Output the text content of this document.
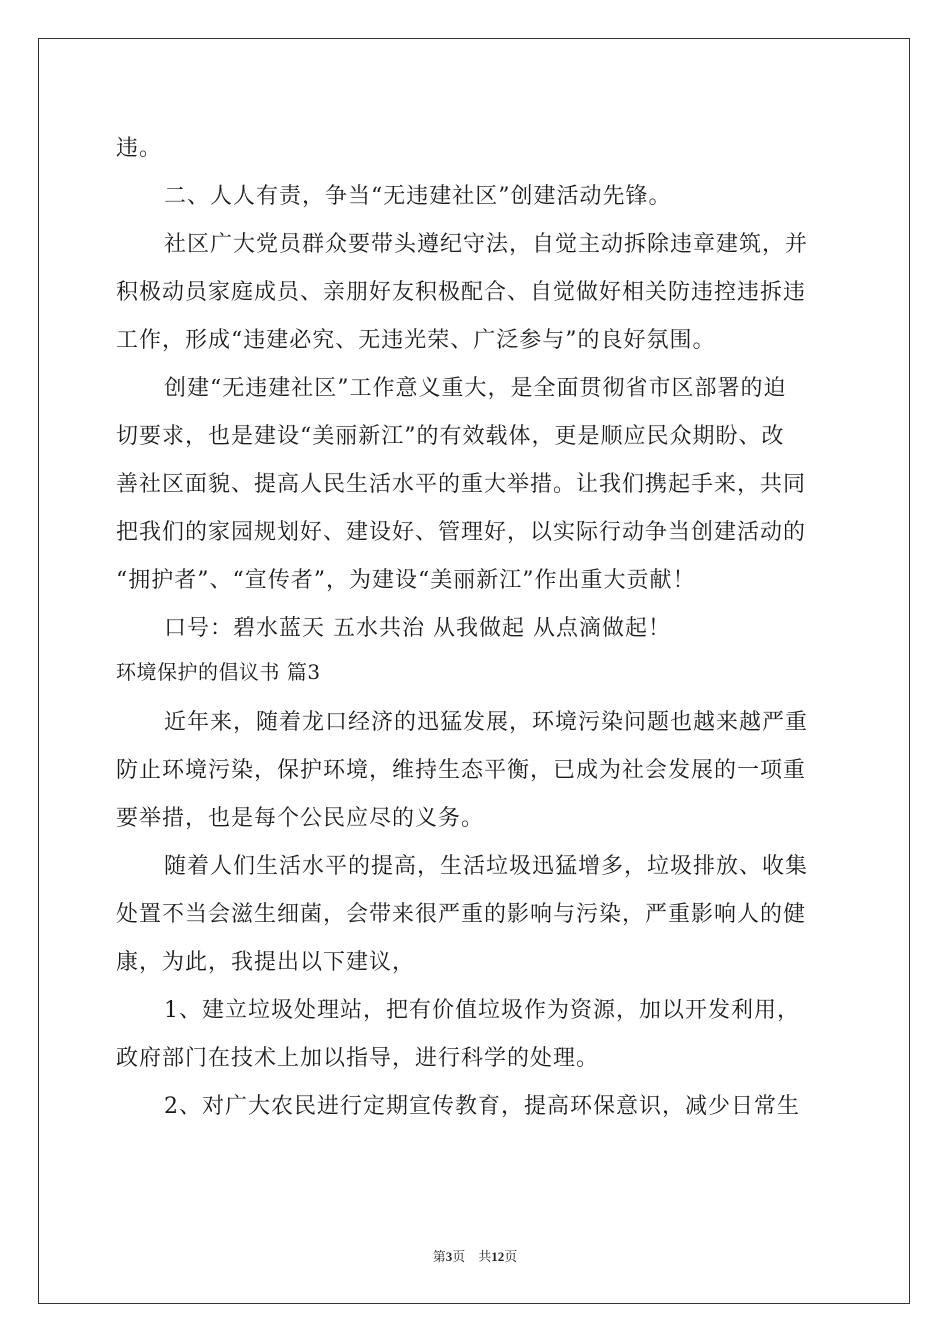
违。
二、人人有责，争当“无违建社区”创建活动先锋。
社区广大党员群众要带头遵纪守法，自觉主动拆除违章建筑，并
积极动员家庭成员、亲朋好友积极配合、自觉做好相关防违控违拆违
工作，形成“违建必究、无违光荣、广泛参与”的良好氛围。
创建“无违建社区”工作意义重大，是全面贯彻省市区部署的迫
切要求，也是建设“美丽新江”的有效载体，更是顺应民众期盼、改
善社区面貌、提高人民生活水平的重大举措。让我们携起手来，共同
把我们的家园规划好、建设好、管理好，以实际行动争当创建活动的
“拥护者”、“宣传者”，为建设“美丽新江”作出重大贡献！
口号：碧水蓝天 五水共治 从我做起 从点滴做起！
环境保护的倡议书 篇3
近年来，随着龙口经济的迅猛发展，环境污染问题也越来越严重
防止环境污染，保护环境，维持生态平衡，已成为社会发展的一项重
要举措，也是每个公民应尽的义务。
随着人们生活水平的提高，生活垃圾迅猛增多，垃圾排放、收集
处置不当会滋生细菌，会带来很严重的影响与污染，严重影响人的健
康，为此，我提出以下建议，
1、建立垃圾处理站，把有价值垃圾作为资源，加以开发利用，
政府部门在技术上加以指导，进行科学的处理。
2、对广大农民进行定期宣传教育，提高环保意识，减少日常生
第3页　共12页
